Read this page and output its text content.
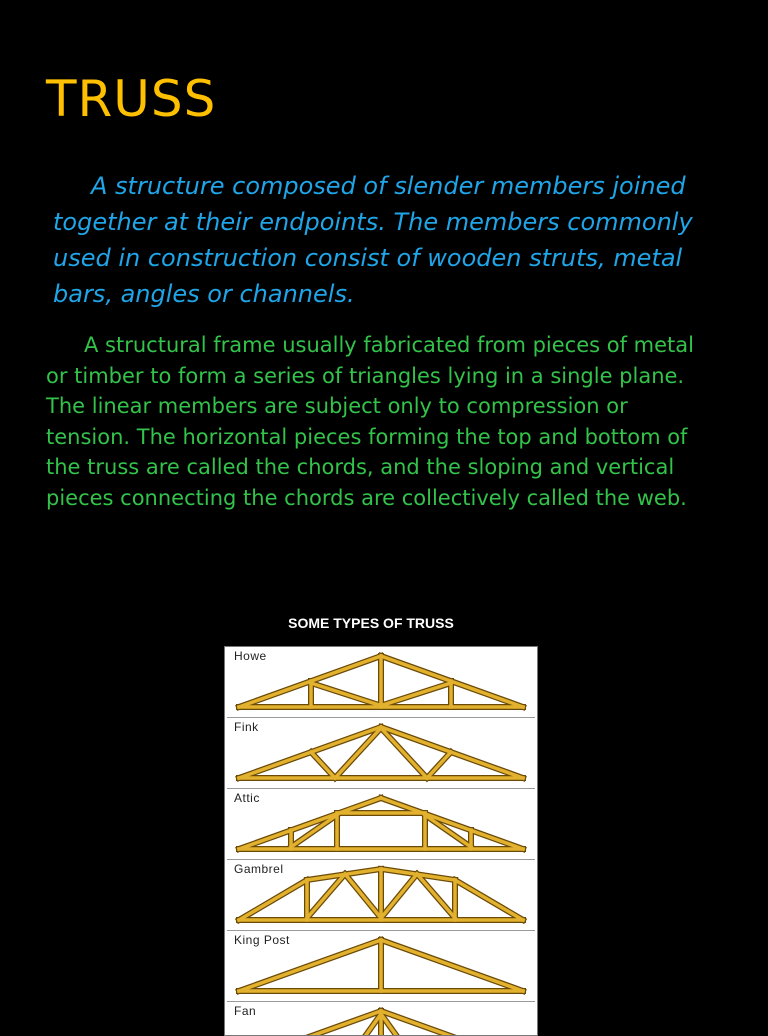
TRUSS

A structure composed of slender members joined together at their endpoints. The members commonly used in construction consist of wooden struts, metal bars, angles or channels.

A structural frame usually fabricated from pieces of metal or timber to form a series of triangles lying in a single plane. The linear members are subject only to compression or tension. The horizontal pieces forming the top and bottom of the truss are called the chords, and the sloping and vertical pieces connecting the chords are collectively called the web.

SOME TYPES OF TRUSS

Howe
Fink
Attic
Gambrel
King Post
Fan
